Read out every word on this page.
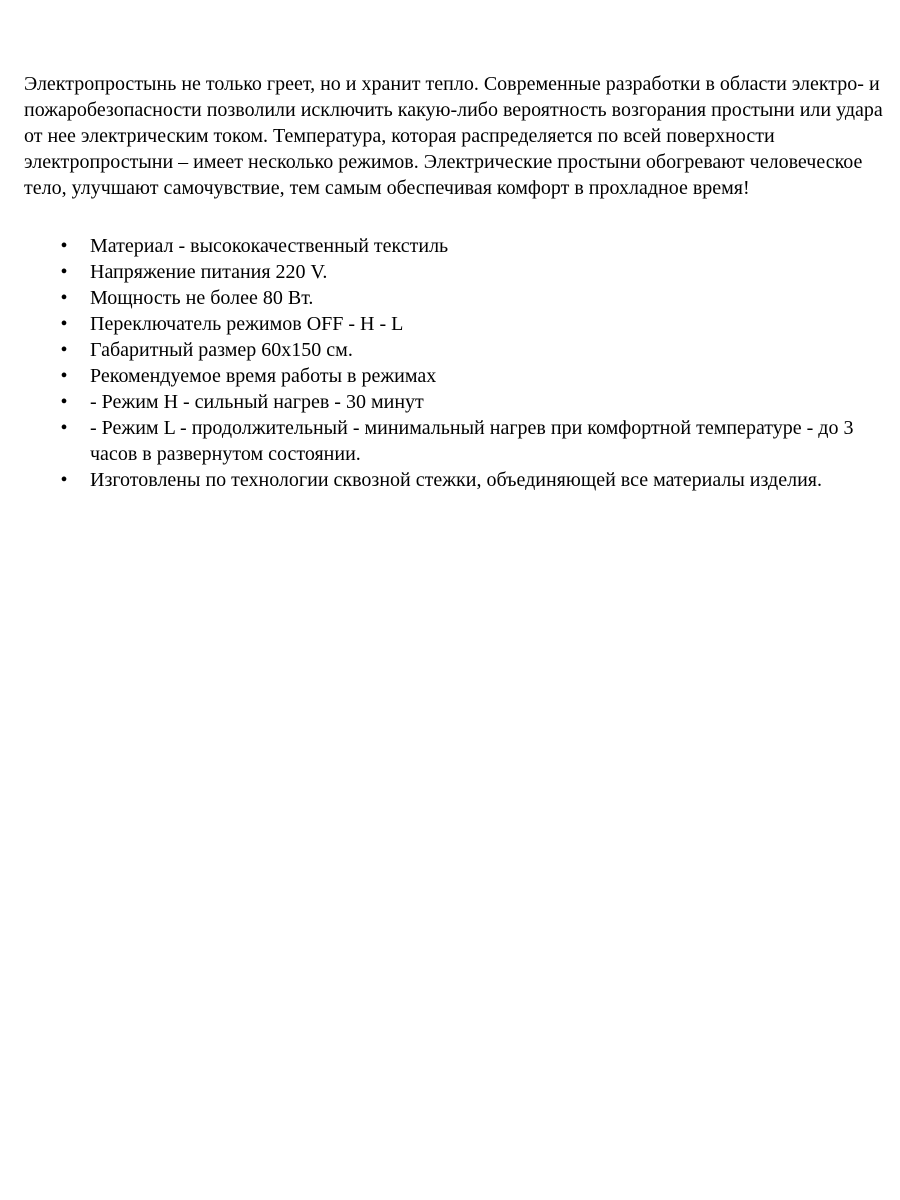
Электропростынь не только греет, но и хранит тепло. Современные разработки в области электро- и пожаробезопасности позволили исключить какую-либо вероятность возгорания простыни или удара от нее электрическим током. Температура, которая распределяется по всей поверхности электропростыни – имеет несколько режимов. Электрические простыни обогревают человеческое тело, улучшают самочувствие, тем самым обеспечивая комфорт в прохладное время!

• Материал - высококачественный текстиль
• Напряжение питания 220 V.
• Мощность не более 80 Вт.
• Переключатель режимов OFF - H - L
• Габаритный размер 60х150 см.
• Рекомендуемое время работы в режимах
• - Режим H - сильный нагрев - 30 минут
• - Режим L - продолжительный - минимальный нагрев при комфортной температуре - до 3 часов в развернутом состоянии.
• Изготовлены по технологии сквозной стежки, объединяющей все материалы изделия.
